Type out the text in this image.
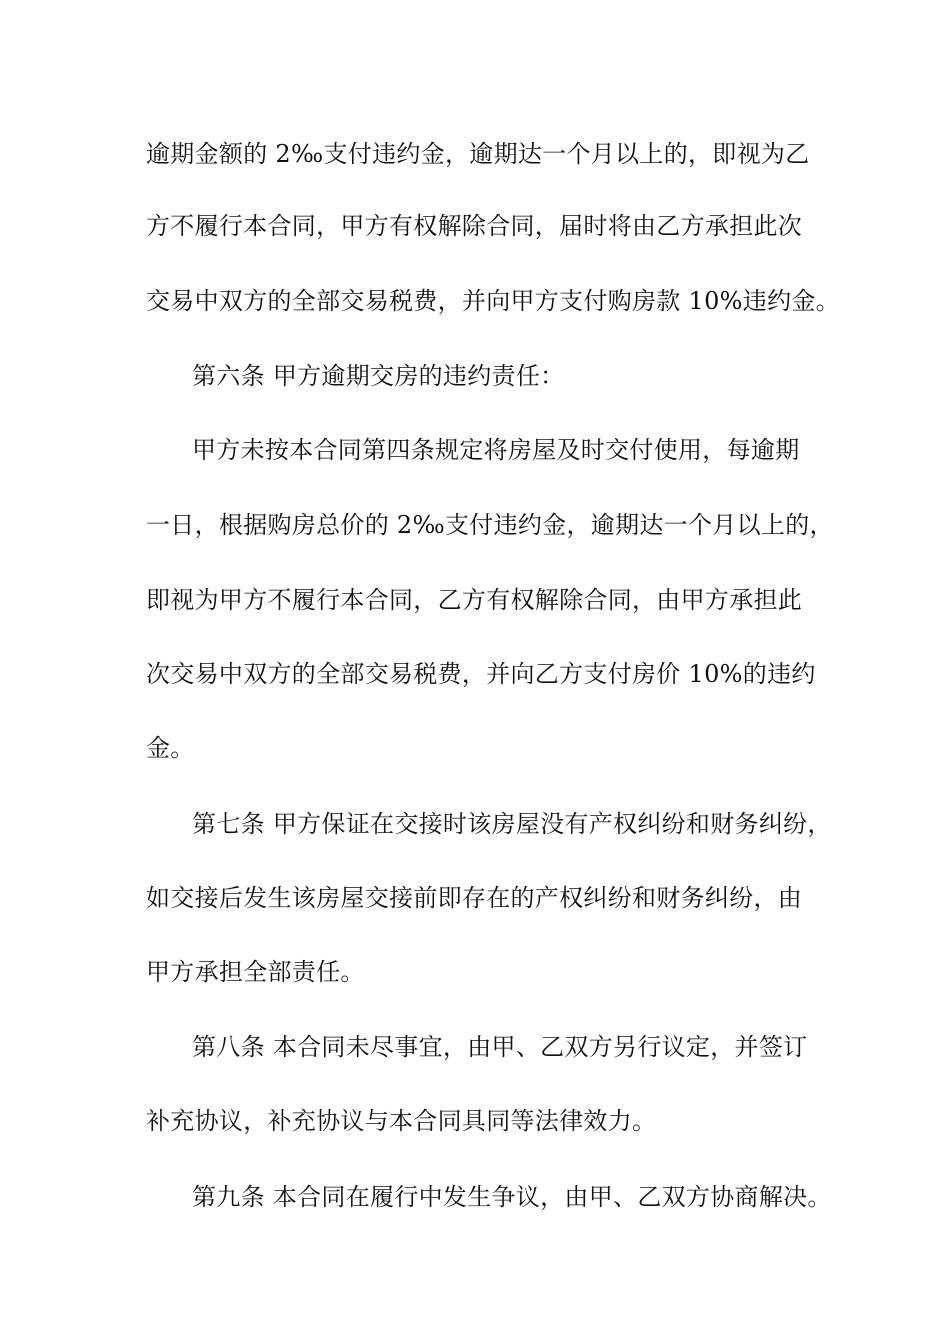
逾期金额的 2‰支付违约金，逾期达一个月以上的，即视为乙
方不履行本合同，甲方有权解除合同，届时将由乙方承担此次
交易中双方的全部交易税费，并向甲方支付购房款 10%违约金。
第六条 甲方逾期交房的违约责任：
甲方未按本合同第四条规定将房屋及时交付使用，每逾期
一日，根据购房总价的 2‰支付违约金，逾期达一个月以上的，
即视为甲方不履行本合同，乙方有权解除合同，由甲方承担此
次交易中双方的全部交易税费，并向乙方支付房价 10%的违约
金。
第七条 甲方保证在交接时该房屋没有产权纠纷和财务纠纷，
如交接后发生该房屋交接前即存在的产权纠纷和财务纠纷，由
甲方承担全部责任。
第八条 本合同未尽事宜，由甲、乙双方另行议定，并签订
补充协议，补充协议与本合同具同等法律效力。
第九条 本合同在履行中发生争议，由甲、乙双方协商解决。
